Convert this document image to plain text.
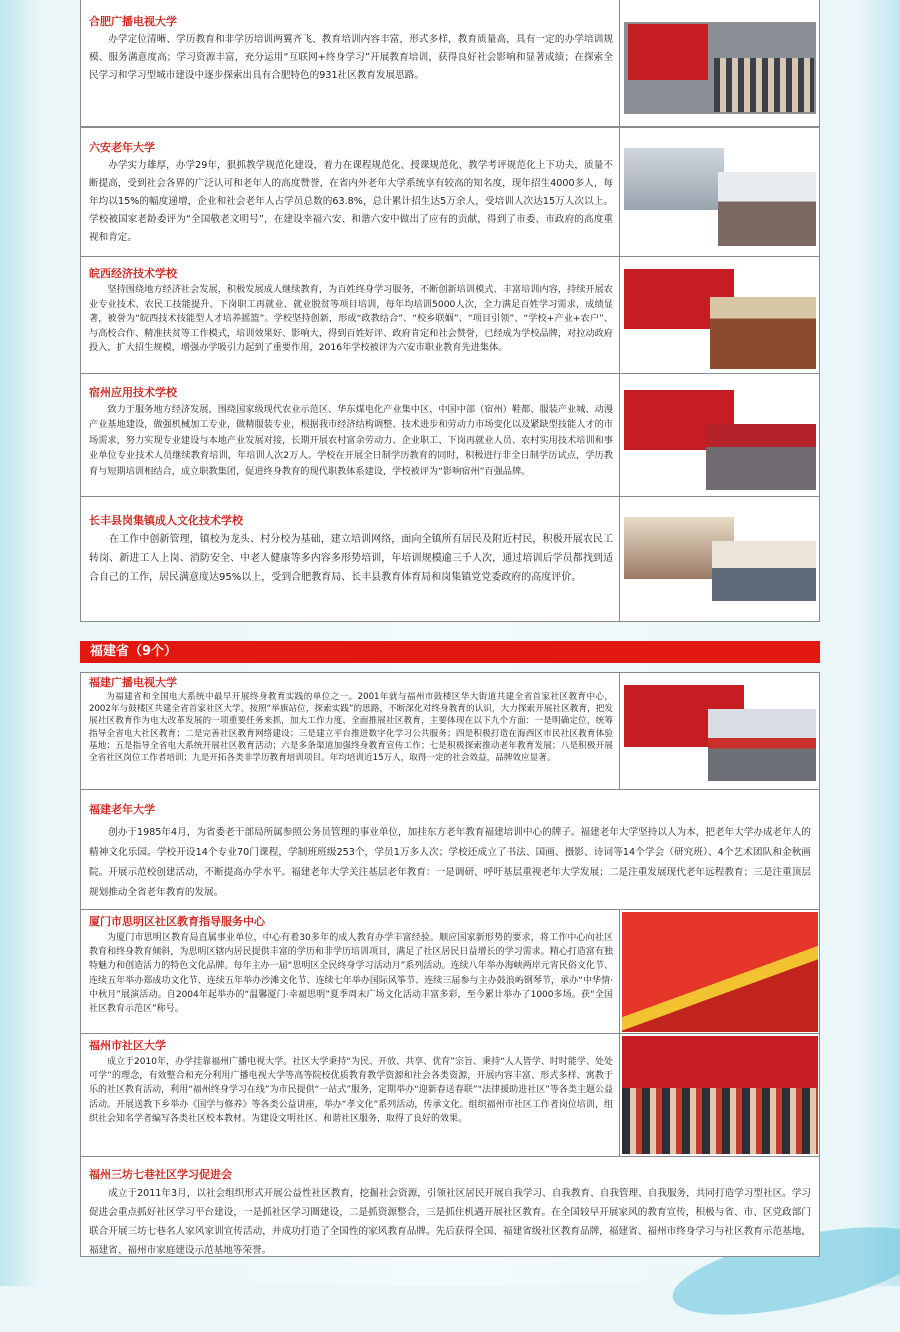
合肥广播电视大学

办学定位清晰、学历教育和非学历培训两翼齐飞、教育培训内容丰富，形式多样，教育质量高，具有一定的办学培训规模、服务满意度高；学习资源丰富，充分运用“互联网+终身学习”开展教育培训，获得良好社会影响和显著成绩；在探索全民学习和学习型城市建设中逐步探索出具有合肥特色的931社区教育发展思路。

六安老年大学

办学实力雄厚，办学29年，狠抓教学规范化建设，着力在课程规范化、授课规范化、教学考评规范化上下功夫，质量不断提高，受到社会各界的广泛认可和老年人的高度赞誉，在省内外老年大学系统享有较高的知名度，现年招生4000多人，每年均以15%的幅度递增，企业和社会老年人占学员总数的63.8%，总计累计招生达5万余人，受培训人次达15万人次以上。学校被国家老龄委评为“全国敬老文明号”，在建设幸福六安、和谐六安中做出了应有的贡献，得到了市委、市政府的高度重视和肯定。

皖西经济技术学校

坚持围绕地方经济社会发展，积极发展成人继续教育，为百姓终身学习服务，不断创新培训模式、丰富培训内容，持续开展农业专业技术、农民工技能提升、下岗职工再就业、就业脱贫等项目培训，每年均培训5000人次，全力满足百姓学习需求，成绩显著，被誉为“皖西技术技能型人才培养摇篮”。学校坚持创新，形成“政教结合”、“校乡联姻”、“项目引领”、“学校+产业+农户”、与高校合作、精准扶贫等工作模式，培训效果好、影响大，得到百姓好评、政府肯定和社会赞誉，已经成为学校品牌，对拉动政府投入，扩大招生规模，增强办学吸引力起到了重要作用，2016年学校被评为六安市职业教育先进集体。

宿州应用技术学校

致力于服务地方经济发展，围绕国家级现代农业示范区、华东煤电化产业集中区、中国中部（宿州）鞋都、服装产业城、动漫产业基地建设，做强机械加工专业，做精服装专业，根据我市经济结构调整、技术进步和劳动力市场变化以及紧缺型技能人才的市场需求，努力实现专业建设与本地产业发展对接，长期开展农村富余劳动力、企业职工、下岗再就业人员、农村实用技术培训和事业单位专业技术人员继续教育培训，年培训人次2万人。学校在开展全日制学历教育的同时，积极进行非全日制学历试点，学历教育与短期培训相结合，成立职教集团，促进终身教育的现代职教体系建设，学校被评为“影响宿州”百强品牌。

长丰县岗集镇成人文化技术学校

在工作中创新管理，镇校为龙头、村分校为基础，建立培训网络，面向全镇所有居民及附近村民，积极开展农民工转岗、新进工人上岗、消防安全、中老人健康等多内容多形势培训，年培训规模逾三千人次，通过培训后学员都找到适合自己的工作，居民满意度达95%以上，受到合肥教育局、长丰县教育体育局和岗集镇党党委政府的高度评价。

福建省（9个）
福建广播电视大学

为福建省和全国电大系统中最早开展终身教育实践的单位之一。2001年就与福州市鼓楼区华大街道共建全省首家社区教育中心，2002年与鼓楼区共建全省首家社区大学。按照“举旗站位，探索实践”的思路，不断深化对终身教育的认识，大力探索开展社区教育，把发展社区教育作为电大改革发展的一项重要任务来抓，加大工作力度、全面推展社区教育，主要体现在以下九个方面：一是明确定位，统筹指导全省电大社区教育；二是完善社区教育网络建设；三是建立平台推进数字化学习公共服务；四是积极打造在海西区市民社区教育体验基地；五是指导全省电大系统开展社区教育活动；六是多条渠道加强终身教育宣传工作；七是积极探索推动老年教育发展；八是积极开展全省社区岗位工作者培训；九是开拓各类非学历教育培训项目。年均培训近15万人，取得一定的社会效益，品牌效应显著。

福建老年大学

创办于1985年4月，为省委老干部局所属参照公务员管理的事业单位，加挂东方老年教育福建培训中心的牌子。福建老年大学坚持以人为本，把老年大学办成老年人的精神文化乐园。学校开设14个专业70门课程，学制班班级253个，学员1万多人次；学校还成立了书法、国画、摄影、诗词等14个学会（研究班）、4个艺术团队和金秋画院。开展示范校创建活动，不断提高办学水平。福建老年大学关注基层老年教育：一是调研、呼吁基层重视老年大学发展；二是注重发展现代老年远程教育；三是注重顶层规划推动全省老年教育的发展。

厦门市思明区社区教育指导服务中心

为厦门市思明区教育局直属事业单位，中心有着30多年的成人教育办学丰富经验。顺应国家新形势的要求，将工作中心向社区教育和终身教育倾斜，为思明区辖内居民提供丰富的学历和非学历培训项目，满足了社区居民日益增长的学习需求。精心打造富有独特魅力和创造活力的特色文化品牌。每年主办一届“思明区全民终身学习活动月”系列活动。连续八年举办海峡两岸元宵民俗文化节、连续五年举办郑成功文化节、连续五年举办沙滩文化节、连续七年举办国际风筝节、连续三届参与主办鼓浪屿钢琴节，承办“中华情·中秋月”展演活动。自2004年起举办的“温馨厦门·幸福思明”夏季周末广场文化活动丰富多彩，至今累计举办了1000多场。获“全国社区教育示范区”称号。

福州市社区大学

成立于2010年，办学挂靠福州广播电视大学。社区大学秉持“为民、开放、共享、优育”宗旨、秉持“人人皆学、时时能学、处处可学”的理念，有效整合和充分利用广播电视大学等高等院校优质教育教学资源和社会各类资源，开展内容丰富、形式多样、寓教于乐的社区教育活动，利用“福州终身学习在线”为市民提供“一站式”服务，定期举办“迎新春送春联”“法律援助进社区”等各类主题公益活动。开展送教下乡举办《国学与修养》等各类公益讲座，举办“孝文化”系列活动，传承文化。组织福州市社区工作者岗位培训，组织社会知名学者编写各类社区校本教材。为建设文明社区、和谐社区服务，取得了良好的效果。

福州三坊七巷社区学习促进会

成立于2011年3月，以社会组织形式开展公益性社区教育，挖掘社会资源，引领社区居民开展自我学习、自我教育、自我管理、自我服务，共同打造学习型社区。学习促进会重点抓好社区学习平台建设，一是抓社区学习圈建设，二是抓资源整合，三是抓住机遇开展社区教育。在全国较早开展家风的教育宣传，积极与省、市、区党政部门联合开展三坊七巷名人家风家训宣传活动，并成功打造了全国性的家风教育品牌。先后获得全国、福建省级社区教育品牌，福建省、福州市终身学习与社区教育示范基地，福建省、福州市家庭建设示范基地等荣誉。
